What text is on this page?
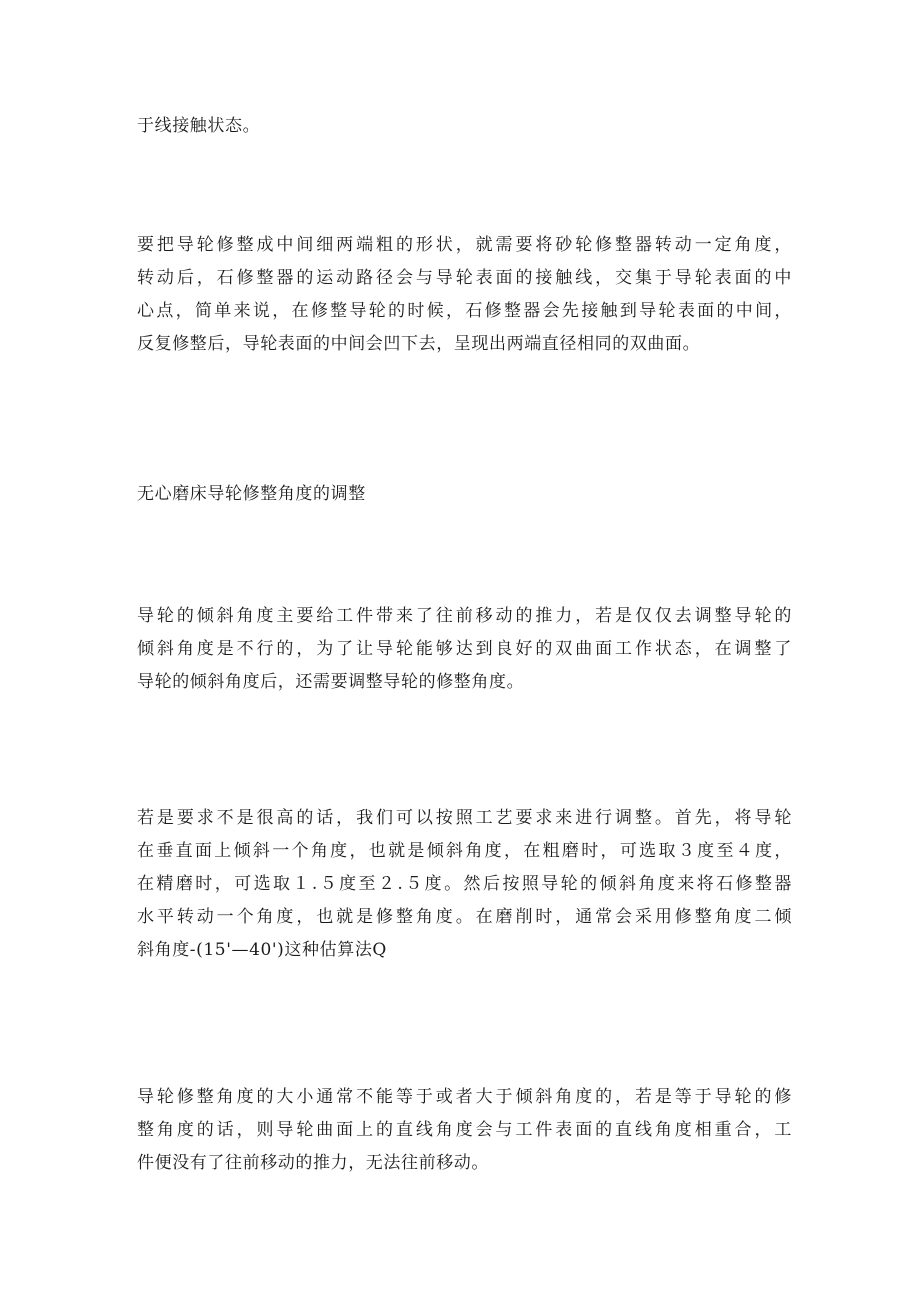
于线接触状态。

要把导轮修整成中间细两端粗的形状，就需要将砂轮修整器转动一定角度，
转动后，石修整器的运动路径会与导轮表面的接触线，交集于导轮表面的中
心点，简单来说，在修整导轮的时候，石修整器会先接触到导轮表面的中间，
反复修整后，导轮表面的中间会凹下去，呈现出两端直径相同的双曲面。

无心磨床导轮修整角度的调整

导轮的倾斜角度主要给工件带来了往前移动的推力，若是仅仅去调整导轮的
倾斜角度是不行的，为了让导轮能够达到良好的双曲面工作状态，在调整了
导轮的倾斜角度后，还需要调整导轮的修整角度。

若是要求不是很高的话，我们可以按照工艺要求来进行调整。首先，将导轮
在垂直面上倾斜一个角度，也就是倾斜角度，在粗磨时，可选取３度至４度，
在精磨时，可选取１.５度至２.５度。然后按照导轮的倾斜角度来将石修整器
水平转动一个角度，也就是修整角度。在磨削时，通常会采用修整角度二倾
斜角度-(15'—40')这种估算法Q

导轮修整角度的大小通常不能等于或者大于倾斜角度的，若是等于导轮的修
整角度的话，则导轮曲面上的直线角度会与工件表面的直线角度相重合，工
件便没有了往前移动的推力，无法往前移动。
